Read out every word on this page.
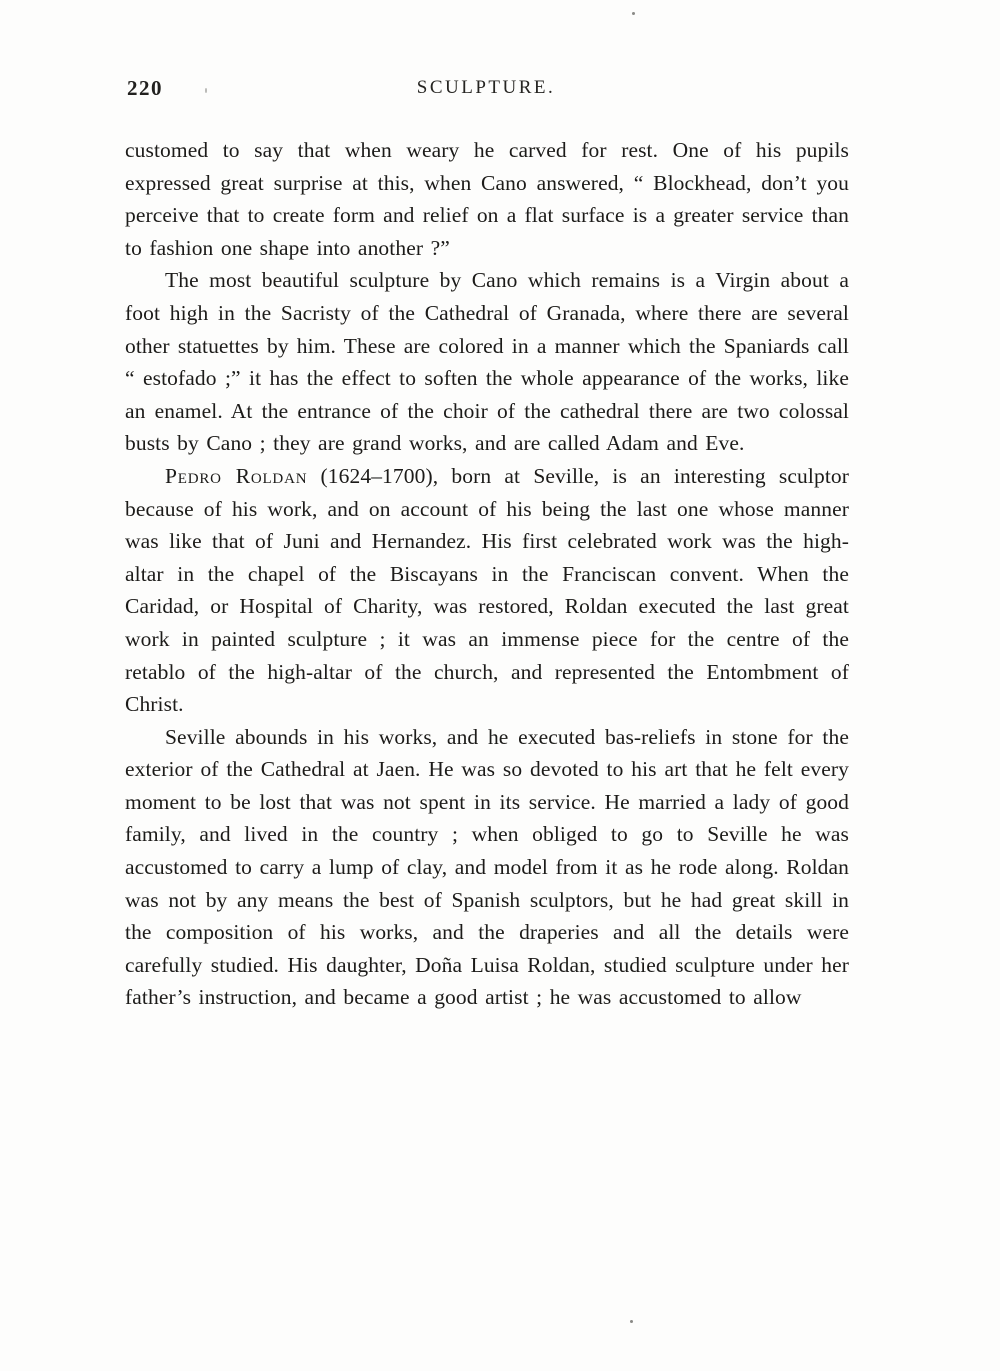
220	SCULPTURE.

customed to say that when weary he carved for rest. One of his pupils expressed great surprise at this, when Cano answered, “ Blockhead, don’t you perceive that to create form and relief on a flat surface is a greater service than to fashion one shape into another ?”

The most beautiful sculpture by Cano which remains is a Virgin about a foot high in the Sacristy of the Cathedral of Granada, where there are several other statuettes by him. These are colored in a manner which the Spaniards call “ estofado ;” it has the effect to soften the whole appearance of the works, like an enamel. At the entrance of the choir of the cathedral there are two colossal busts by Cano ; they are grand works, and are called Adam and Eve.

Pedro Roldan (1624–1700), born at Seville, is an interesting sculptor because of his work, and on account of his being the last one whose manner was like that of Juni and Hernandez. His first celebrated work was the high-altar in the chapel of the Biscayans in the Franciscan convent. When the Caridad, or Hospital of Charity, was restored, Roldan executed the last great work in painted sculpture ; it was an immense piece for the centre of the retablo of the high-altar of the church, and represented the Entombment of Christ.

Seville abounds in his works, and he executed bas-reliefs in stone for the exterior of the Cathedral at Jaen. He was so devoted to his art that he felt every moment to be lost that was not spent in its service. He married a lady of good family, and lived in the country ; when obliged to go to Seville he was accustomed to carry a lump of clay, and model from it as he rode along. Roldan was not by any means the best of Spanish sculptors, but he had great skill in the composition of his works, and the draperies and all the details were carefully studied. His daughter, Doña Luisa Roldan, studied sculpture under her father’s instruction, and became a good artist ; he was accustomed to allow
